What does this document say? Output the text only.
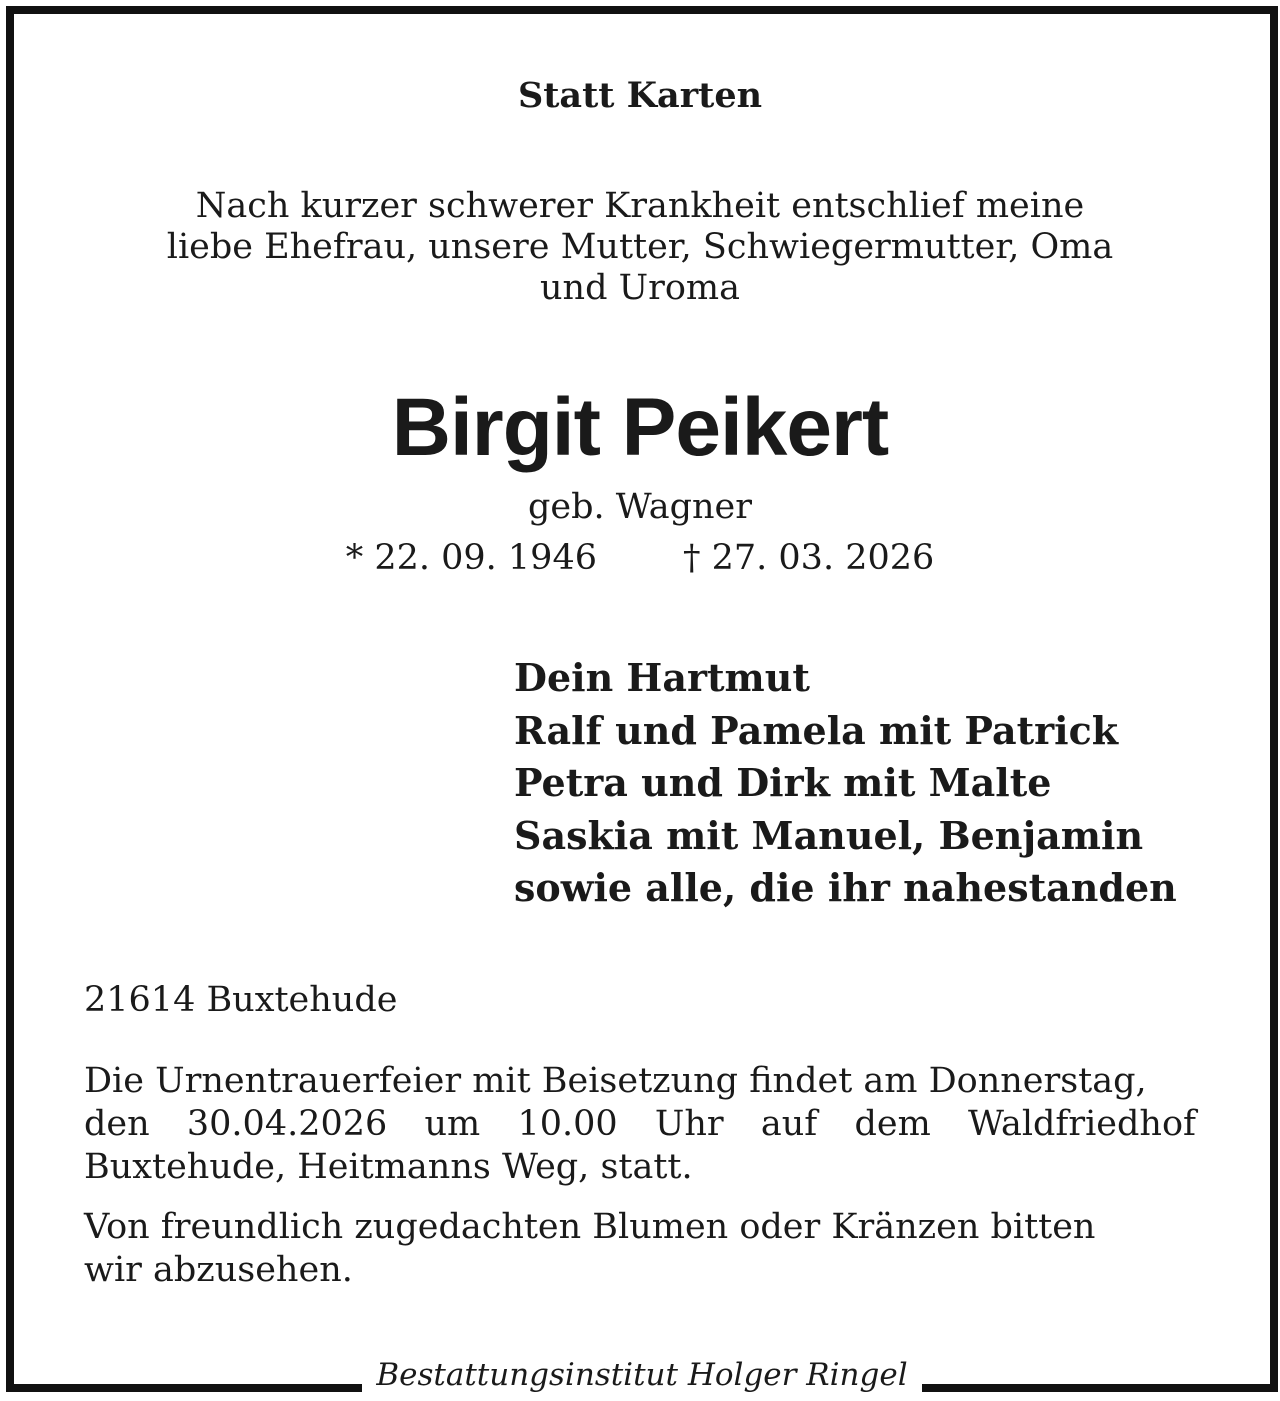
Statt Karten
Nach kurzer schwerer Krankheit entschlief meine
liebe Ehefrau, unsere Mutter, Schwiegermutter, Oma
und Uroma
Birgit Peikert
geb. Wagner
* 22. 09. 1946 † 27. 03. 2026
Dein Hartmut
Ralf und Pamela mit Patrick
Petra und Dirk mit Malte
Saskia mit Manuel, Benjamin
sowie alle, die ihr nahestanden
21614 Buxtehude
Die Urnentrauerfeier mit Beisetzung findet am Donnerstag,
den 30.04.2026 um 10.00 Uhr auf dem Waldfriedhof
Buxtehude, Heitmanns Weg, statt.
Von freundlich zugedachten Blumen oder Kränzen bitten
wir abzusehen.
Bestattungsinstitut Holger Ringel
